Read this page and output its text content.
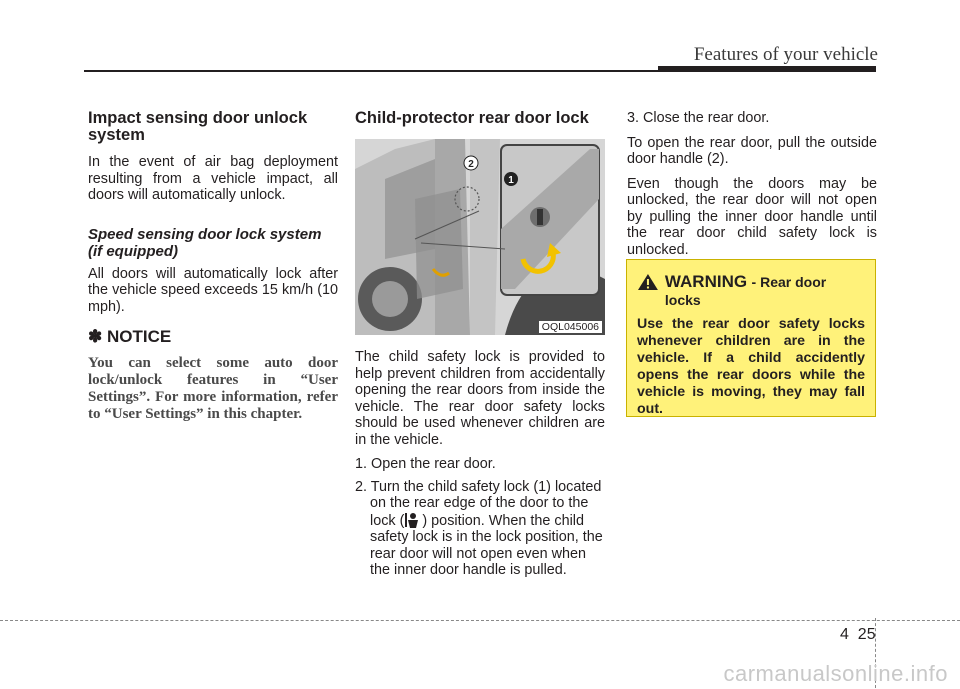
Features of your vehicle
Impact sensing door unlock system

In the event of air bag deployment resulting from a vehicle impact, all doors will automatically unlock.

Speed sensing door lock system (if equipped)

All doors will automatically lock after the vehicle speed exceeds 15 km/h (10 mph).

✽ NOTICE

You can select some auto door lock/unlock features in “User Settings”. For more information, refer to “User Settings” in this chapter.

Child-protector rear door lock
1
2
OQL045006

The child safety lock is provided to help prevent children from accidentally opening the rear doors from inside the vehicle. The rear door safety locks should be used whenever children are in the vehicle.

1. Open the rear door.
2. Turn the child safety lock (1) located on the rear edge of the door to the lock ( ) position. When the child safety lock is in the lock position, the rear door will not open even when the inner door handle is pulled.

3. Close the rear door.

To open the rear door, pull the outside door handle (2).

Even though the doors may be unlocked, the rear door will not open by pulling the inner door handle until the rear door child safety lock is unlocked.

WARNING - Rear door locks

Use the rear door safety locks whenever children are in the vehicle. If a child accidently opens the rear doors while the vehicle is moving, they may fall out.

4 25
carmanualsonline.info
